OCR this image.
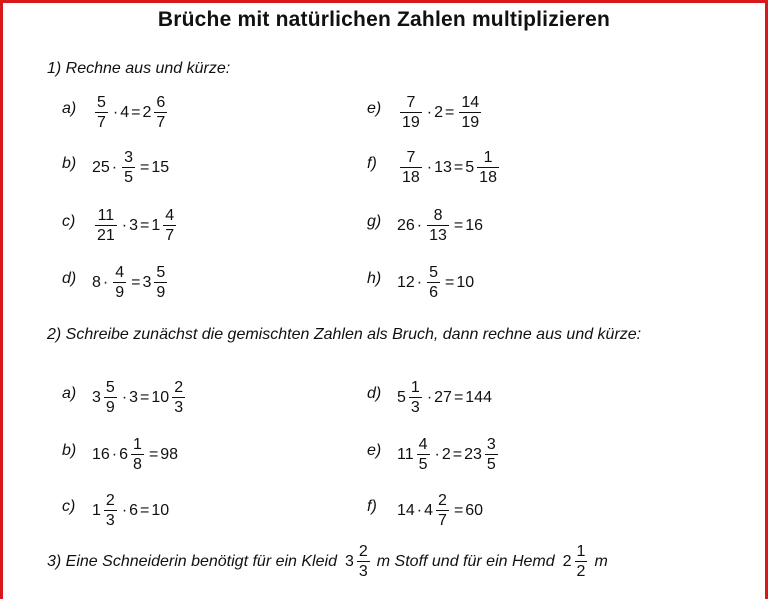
Brüche mit natürlichen Zahlen multiplizieren
1) Rechne aus und kürze:
$a) \frac{5}{7} \cdot 4 = 2 \frac{6}{7}$
b) $25 \cdot \frac{3}{5} = 15$
$c) \frac{11}{21} \cdot 3 = 1 \frac{4}{7}$
d) $8 \cdot \frac{4}{9} = 3 \frac{5}{9}$
$e) \frac{7}{19} \cdot 2 = \frac{14}{19}$
$f) \frac{7}{18} \cdot 13 = 5 \frac{1}{18}$
g) $26 \cdot \frac{8}{13} = 16$
h) $12 \cdot \frac{5}{6} = 10$
2) Schreibe zunächst die gemischten Zahlen als Bruch, dann rechne aus und kürze:
a) $3 \frac{5}{9} \cdot 3 = 10 \frac{2}{3}$
b) $16 \cdot 6 \frac{1}{8} = 98$
c) $1 \frac{2}{3} \cdot 6 = 10$
d) $5 \frac{1}{3} \cdot 27 = 144$
e) $11 \frac{4}{5} \cdot 2 = 23 \frac{3}{5}$
f) $14 \cdot 4 \frac{2}{7} = 60$
3) Eine Schneiderin benötigt für ein Kleid $3 \frac{2}{3}$ m Stoff und für ein Hemd $2 \frac{1}{2}$ m
